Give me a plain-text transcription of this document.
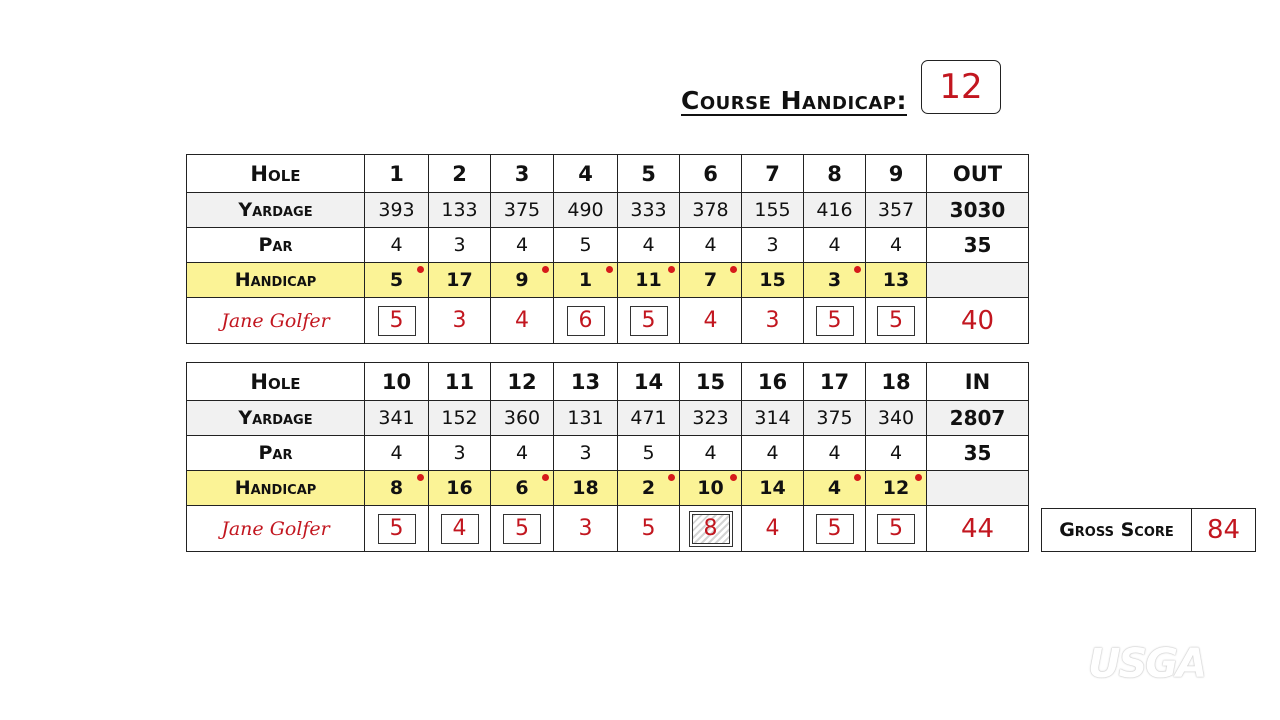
Course Handicap: 12
Hole	1	2	3	4	5	6	7	8	9	OUT
Yardage	393	133	375	490	333	378	155	416	357	3030
Par	4	3	4	5	4	4	3	4	4	35
Handicap	5	17	9	1	11	7	15	3	13	
Jane Golfer	5	3	4	6	5	4	3	5	5	40
Hole	10	11	12	13	14	15	16	17	18	IN
Yardage	341	152	360	131	471	323	314	375	340	2807
Par	4	3	4	3	5	4	4	4	4	35
Handicap	8	16	6	18	2	10	14	4	12

Jane Golfer	5	4	5	3	5	8	4	5	5	44	Gross Score	84
USGA
